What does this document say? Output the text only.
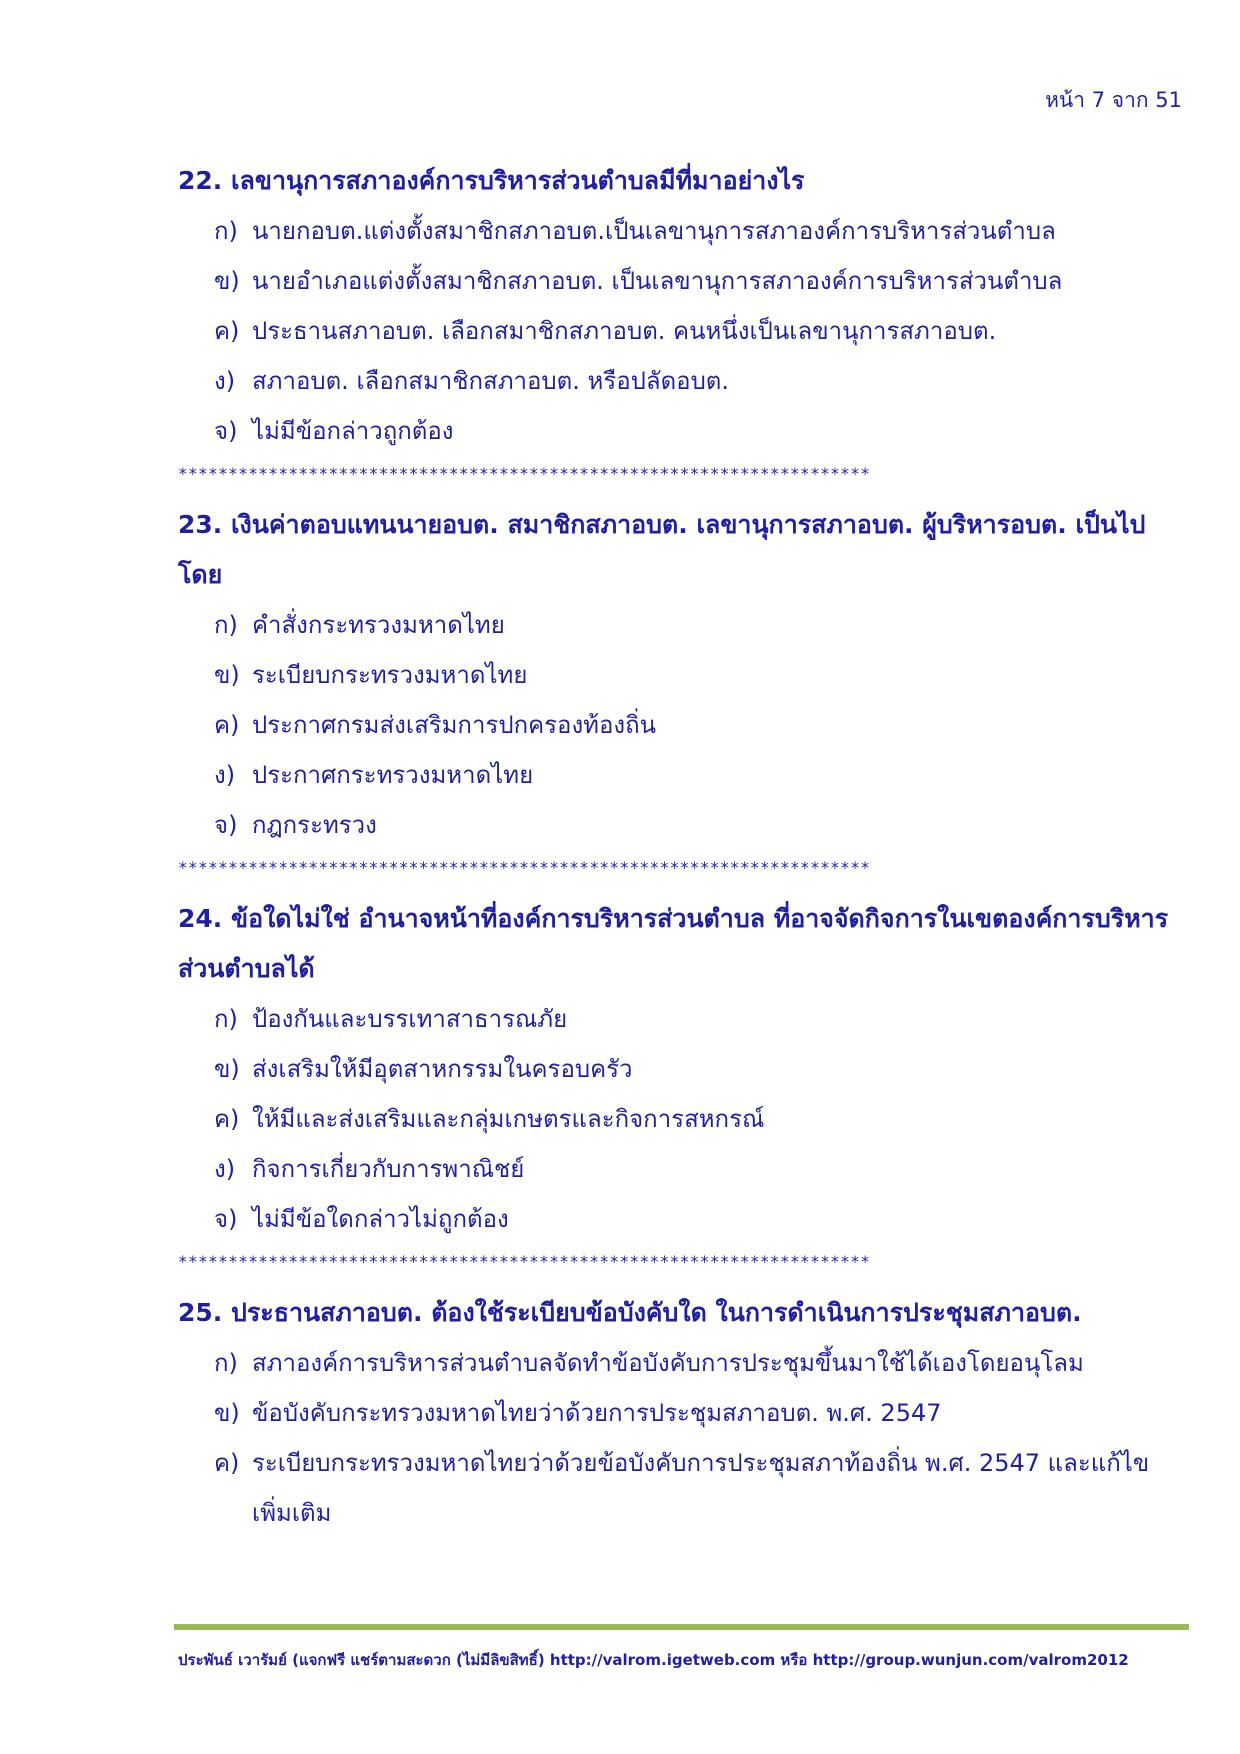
หน้า 7 จาก 51

22. เลขานุการสภาองค์การบริหารส่วนตำบลมีที่มาอย่างไร

ก) นายกอบต.แต่งตั้งสมาชิกสภาอบต.เป็นเลขานุการสภาองค์การบริหารส่วนตำบล
ข) นายอำเภอแต่งตั้งสมาชิกสภาอบต. เป็นเลขานุการสภาองค์การบริหารส่วนตำบล
ค) ประธานสภาอบต. เลือกสมาชิกสภาอบต. คนหนึ่งเป็นเลขานุการสภาอบต.
ง) สภาอบต. เลือกสมาชิกสภาอบต. หรือปลัดอบต.
จ) ไม่มีข้อกล่าวถูกต้อง
*********************************************************************

23. เงินค่าตอบแทนนายอบต. สมาชิกสภาอบต. เลขานุการสภาอบต. ผู้บริหารอบต. เป็นไปโดย

ก) คำสั่งกระทรวงมหาดไทย
ข) ระเบียบกระทรวงมหาดไทย
ค) ประกาศกรมส่งเสริมการปกครองท้องถิ่น
ง) ประกาศกระทรวงมหาดไทย
จ) กฎกระทรวง
*********************************************************************

24. ข้อใดไม่ใช่ อำนาจหน้าที่องค์การบริหารส่วนตำบล ที่อาจจัดกิจการในเขตองค์การบริหารส่วนตำบลได้

ก) ป้องกันและบรรเทาสาธารณภัย
ข) ส่งเสริมให้มีอุตสาหกรรมในครอบครัว
ค) ให้มีและส่งเสริมและกลุ่มเกษตรและกิจการสหกรณ์
ง) กิจการเกี่ยวกับการพาณิชย์
จ) ไม่มีข้อใดกล่าวไม่ถูกต้อง
*********************************************************************

25. ประธานสภาอบต. ต้องใช้ระเบียบข้อบังคับใด ในการดำเนินการประชุมสภาอบต.

ก) สภาองค์การบริหารส่วนตำบลจัดทำข้อบังคับการประชุมขึ้นมาใช้ได้เองโดยอนุโลม
ข) ข้อบังคับกระทรวงมหาดไทยว่าด้วยการประชุมสภาอบต. พ.ศ. 2547
ค) ระเบียบกระทรวงมหาดไทยว่าด้วยข้อบังคับการประชุมสภาท้องถิ่น พ.ศ. 2547 และแก้ไขเพิ่มเติม
ประพันธ์ เวารัมย์ (แจกฟรี แชร์ตามสะดวก (ไม่มีลิขสิทธิ์) http://valrom.igetweb.com หรือ http://group.wunjun.com/valrom2012
